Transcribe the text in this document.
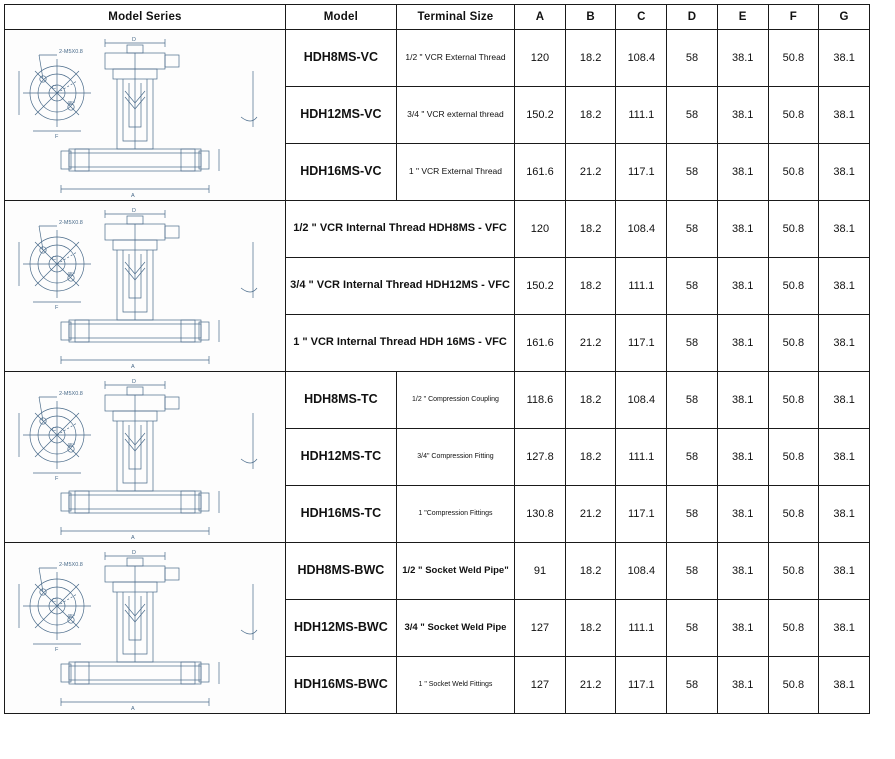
Model Series	Model	Terminal Size	A	B	C	D	E	F	G

2-M5X0.8
D
F
A
C
45°
	HDH8MS-VC	1/2 " VCR External Thread	120	18.2	108.4	58	38.1	50.8	38.1
	HDH12MS-VC	3/4 " VCR external thread	150.2	18.2	111.1	58	38.1	50.8	38.1
	HDH16MS-VC	1 " VCR External Thread	161.6	21.2	117.1	58	38.1	50.8	38.1

2-M5X0.8
D
F
A
C
45°
	1/2 " VCR Internal Thread HDH8MS - VFC	120	18.2	108.4	58	38.1	50.8	38.1
	3/4 " VCR Internal Thread HDH12MS - VFC		150.2	18.2	111.1	58	38.1	50.8	38.1
	1 " VCR Internal Thread HDH 16MS - VFC		161.6	21.2	117.1	58	38.1	50.8	38.1

2-M5X0.8
D
F
A
C
45°
	HDH8MS-TC	1/2 " Compression Coupling	118.6	18.2	108.4	58	38.1	50.8	38.1
	HDH12MS-TC	3/4" Compression Fitting	127.8	18.2	111.1	58	38.1	50.8	38.1
	HDH16MS-TC	1 "Compression Fittings	130.8	21.2	117.1	58	38.1	50.8	38.1

2-M5X0.8
D
F
A
C
45°
	HDH8MS-BWC	1/2 " Socket Weld Pipe"	91	18.2	108.4	58	38.1	50.8	38.1
	HDH12MS-BWC	3/4 " Socket Weld Pipe	127	18.2	111.1	58	38.1	50.8	38.1
	HDH16MS-BWC	1 " Socket Weld Fittings	127	21.2	117.1	58	38.1	50.8	38.1
